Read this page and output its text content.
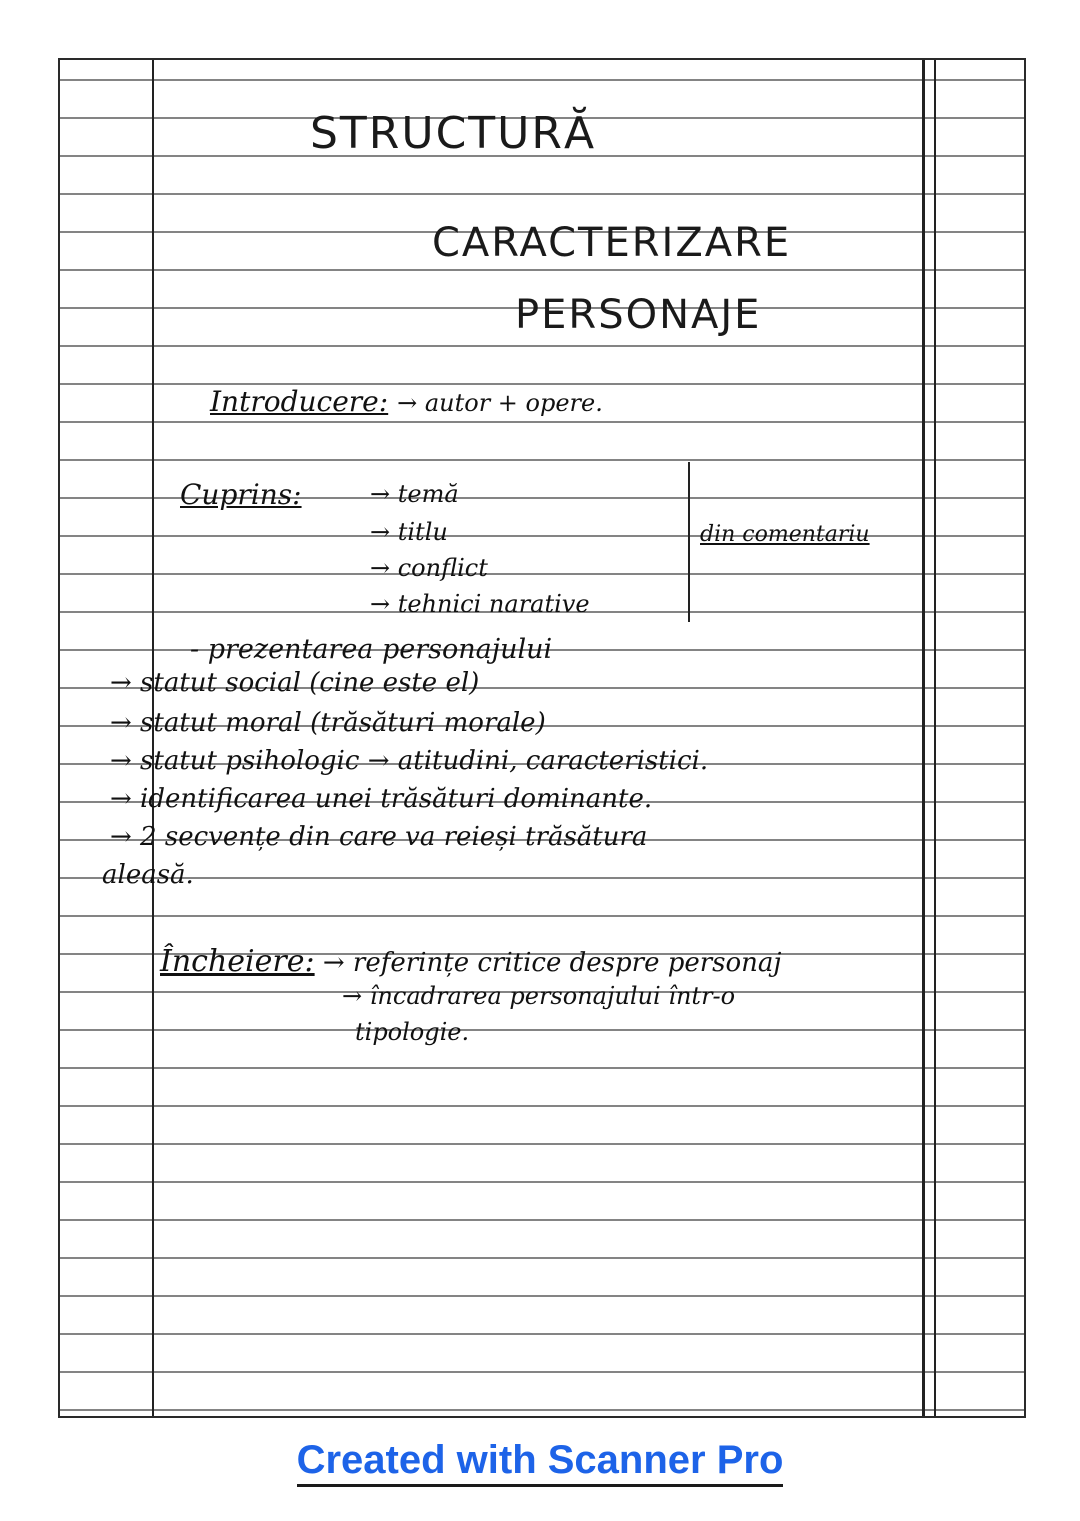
STRUCTURĂ
CARACTERIZARE
PERSONAJE
Introducere: → autor + opere.
Cuprins:	→ temă
→ titlu
→ conflict
→ tehnici narative
din comentariu
- prezentarea personajului
→ statut social (cine este el)
→ statut moral (trăsături morale)
→ statut psihologic → atitudini, caracteristici.
→ identificarea unei trăsături dominante.
→ 2 secvențe din care va reieși trăsătura
aleasă.
Încheiere: → referințe critice despre personaj
→ încadrarea personajului într-o
tipologie.
Created with Scanner Pro
